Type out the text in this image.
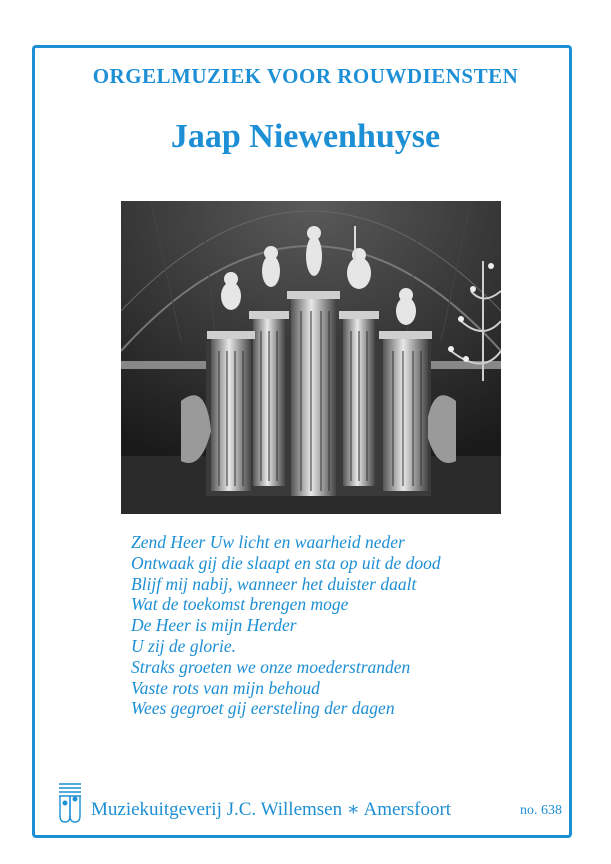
ORGELMUZIEK VOOR ROUWDIENSTEN
Jaap Niewenhuyse
Zend Heer Uw licht en waarheid neder
Ontwaak gij die slaapt en sta op uit de dood
Blijf mij nabij, wanneer het duister daalt
Wat de toekomst brengen moge
De Heer is mijn Herder
U zij de glorie.
Straks groeten we onze moederstranden
Vaste rots van mijn behoud
Wees gegroet gij eersteling der dagen
Muziekuitgeverij J.C. Willemsen ∗ Amersfoort	no. 638
